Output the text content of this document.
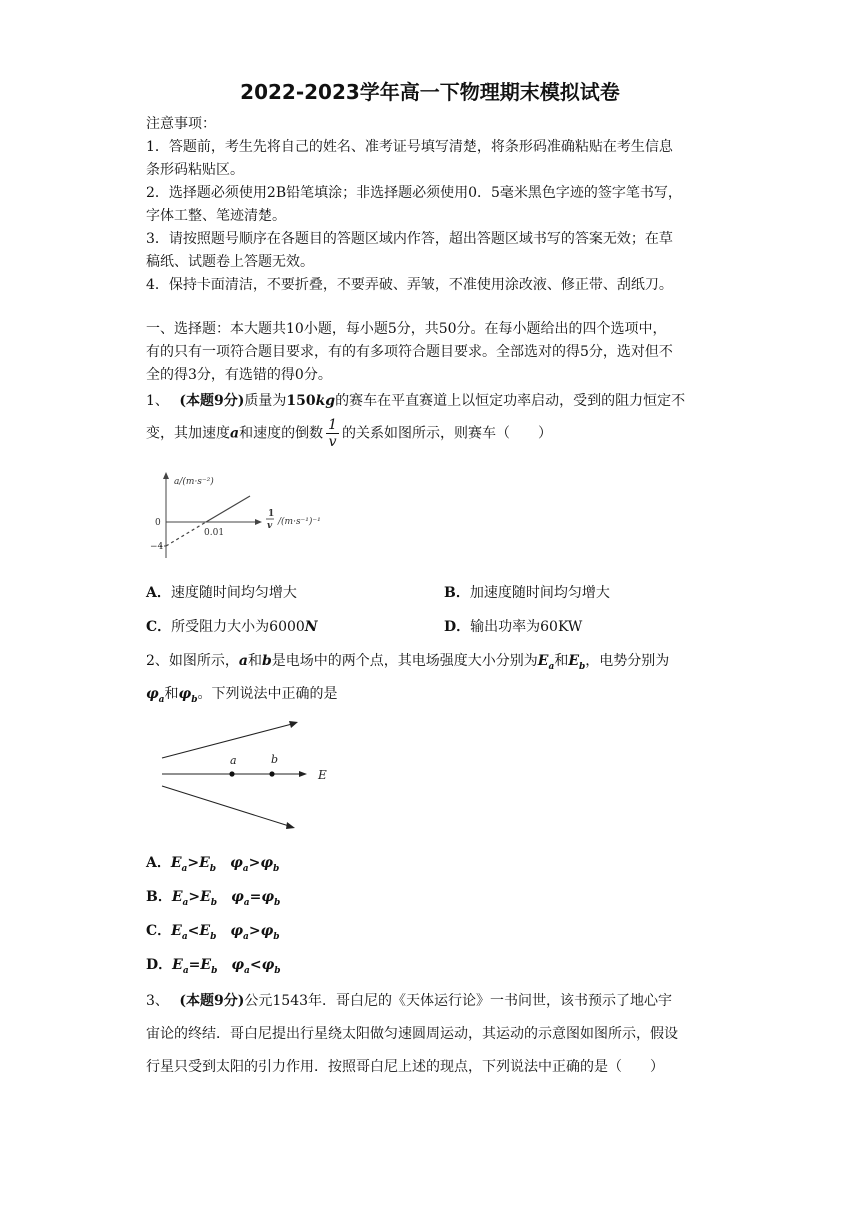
2022-2023学年高一下物理期末模拟试卷
注意事项：
1．答题前，考生先将自己的姓名、准考证号填写清楚，将条形码准确粘贴在考生信息
条形码粘贴区。
2．选择题必须使用2B铅笔填涂；非选择题必须使用0．5毫米黑色字迹的签字笔书写，
字体工整、笔迹清楚。
3．请按照题号顺序在各题目的答题区域内作答，超出答题区域书写的答案无效；在草
稿纸、试题卷上答题无效。
4．保持卡面清洁，不要折叠，不要弄破、弄皱，不准使用涂改液、修正带、刮纸刀。
一、选择题：本大题共10小题，每小题5分，共50分。在每小题给出的四个选项中，
有的只有一项符合题目要求，有的有多项符合题目要求。全部选对的得5分，选对但不
全的得3分，有选错的得0分。
1、 (本题9分)质量为150kg的赛车在平直赛道上以恒定功率启动，受到的阻力恒定不
变，其加速度a和速度的倒数 $\frac{1}{v}$ 的关系如图所示，则赛车（　　）
a/(m·s⁻²)
0
−4
0.01
1
v /(m·s⁻¹)⁻¹
A．速度随时间均匀增大	B．加速度随时间均匀增大
C．所受阻力大小为6000N	D．输出功率为60KW
2、如图所示，a和b是电场中的两个点，其电场强度大小分别为$E_a$和$E_b$，电势分别为
$\varphi_a$和$\varphi_b$。下列说法中正确的是
a	b
E
A．$E_a>E_b$ $\varphi_a>\varphi_b$
B．$E_a>E_b$ $\varphi_a=\varphi_b$
C．$E_a<E_b$ $\varphi_a>\varphi_b$
D．$E_a=E_b$ $\varphi_a<\varphi_b$
3、 (本题9分)公元1543年．哥白尼的《天体运行论》一书问世，该书预示了地心宇
宙论的终结．哥白尼提出行星绕太阳做匀速圆周运动，其运动的示意图如图所示，假设
行星只受到太阳的引力作用．按照哥白尼上述的现点，下列说法中正确的是（　　）
